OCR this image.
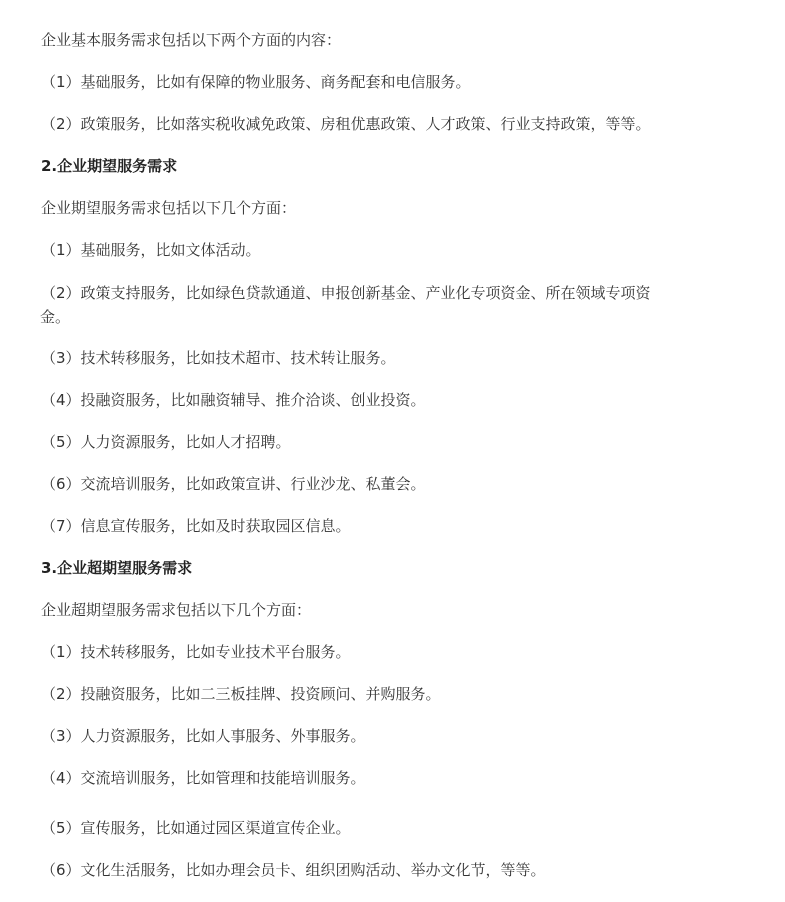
企业基本服务需求包括以下两个方面的内容：
（1）基础服务，比如有保障的物业服务、商务配套和电信服务。
（2）政策服务，比如落实税收减免政策、房租优惠政策、人才政策、行业支持政策，等等。
2.企业期望服务需求
企业期望服务需求包括以下几个方面：
（1）基础服务，比如文体活动。
（2）政策支持服务，比如绿色贷款通道、申报创新基金、产业化专项资金、所在领域专项资
金。
（3）技术转移服务，比如技术超市、技术转让服务。
（4）投融资服务，比如融资辅导、推介洽谈、创业投资。
（5）人力资源服务，比如人才招聘。
（6）交流培训服务，比如政策宣讲、行业沙龙、私董会。
（7）信息宣传服务，比如及时获取园区信息。
3.企业超期望服务需求
企业超期望服务需求包括以下几个方面：
（1）技术转移服务，比如专业技术平台服务。
（2）投融资服务，比如二三板挂牌、投资顾问、并购服务。
（3）人力资源服务，比如人事服务、外事服务。
（4）交流培训服务，比如管理和技能培训服务。
（5）宣传服务，比如通过园区渠道宣传企业。
（6）文化生活服务，比如办理会员卡、组织团购活动、举办文化节，等等。
